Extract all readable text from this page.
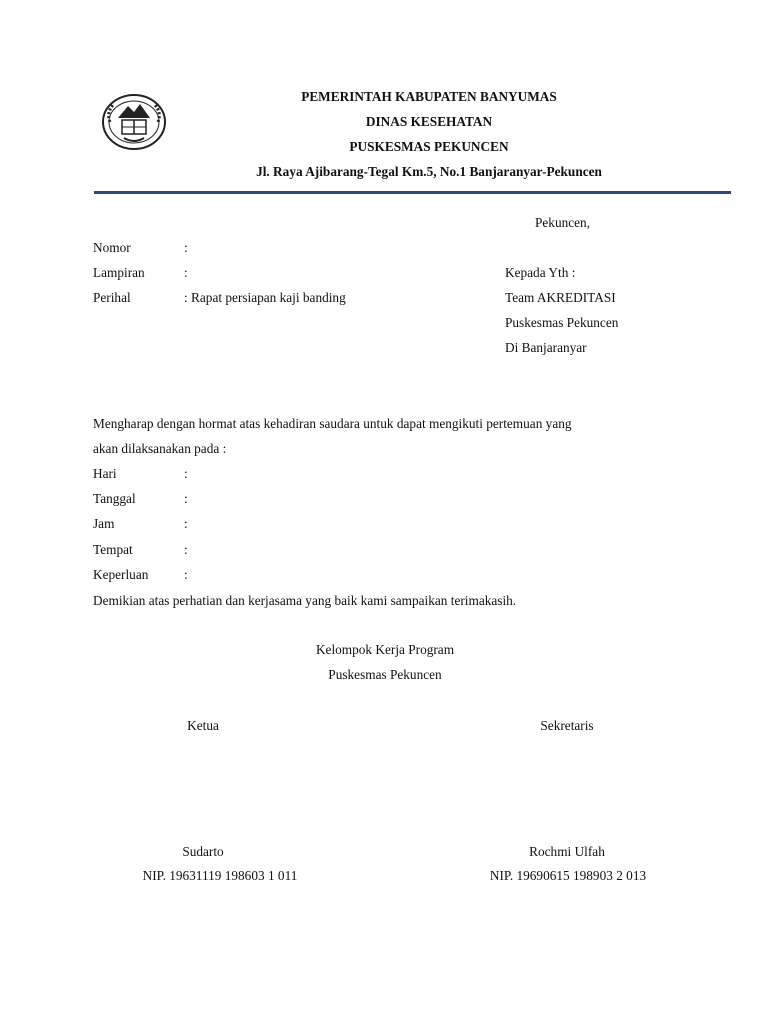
PEMERINTAH KABUPATEN BANYUMAS
DINAS KESEHATAN
PUSKESMAS PEKUNCEN
Jl. Raya Ajibarang-Tegal Km.5, No.1 Banjaranyar-Pekuncen
Pekuncen,
Nomor	:
Lampiran	:
Perihal	: Rapat persiapan kaji banding
Kepada Yth :
Team AKREDITASI
Puskesmas Pekuncen
Di Banjaranyar
Mengharap dengan hormat atas kehadiran saudara untuk dapat mengikuti pertemuan yang
akan dilaksanakan pada :
Hari	:
Tanggal	:
Jam	:
Tempat	:
Keperluan	:
Demikian atas perhatian dan kerjasama yang baik kami sampaikan terimakasih.
Kelompok Kerja Program
Puskesmas Pekuncen
Ketua	Sekretaris
Sudarto	Rochmi Ulfah
NIP. 19631119 198603 1 011	NIP. 19690615 198903 2 013
